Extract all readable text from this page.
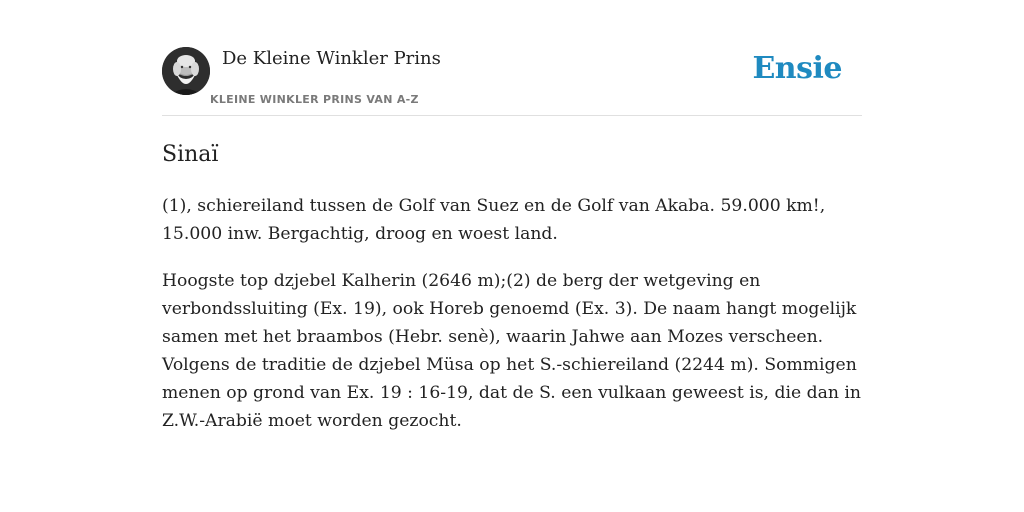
De Kleine Winkler Prins
KLEINE WINKLER PRINS VAN A-Z
Ensie
Sinaï

(1), schiereiland tussen de Golf van Suez en de Golf van Akaba. 59.000 km!, 15.000 inw. Bergachtig, droog en woest land.

Hoogste top dzjebel Kalherin (2646 m);(2) de berg der wetgeving en verbondssluiting (Ex. 19), ook Horeb genoemd (Ex. 3). De naam hangt mogelijk samen met het braambos (Hebr. senè), waarin Jahwe aan Mozes verscheen. Volgens de traditie de dzjebel Müsa op het S.-schiereiland (2244 m). Sommigen menen op grond van Ex. 19 : 16-19, dat de S. een vulkaan geweest is, die dan in Z.W.-Arabië moet worden gezocht.
